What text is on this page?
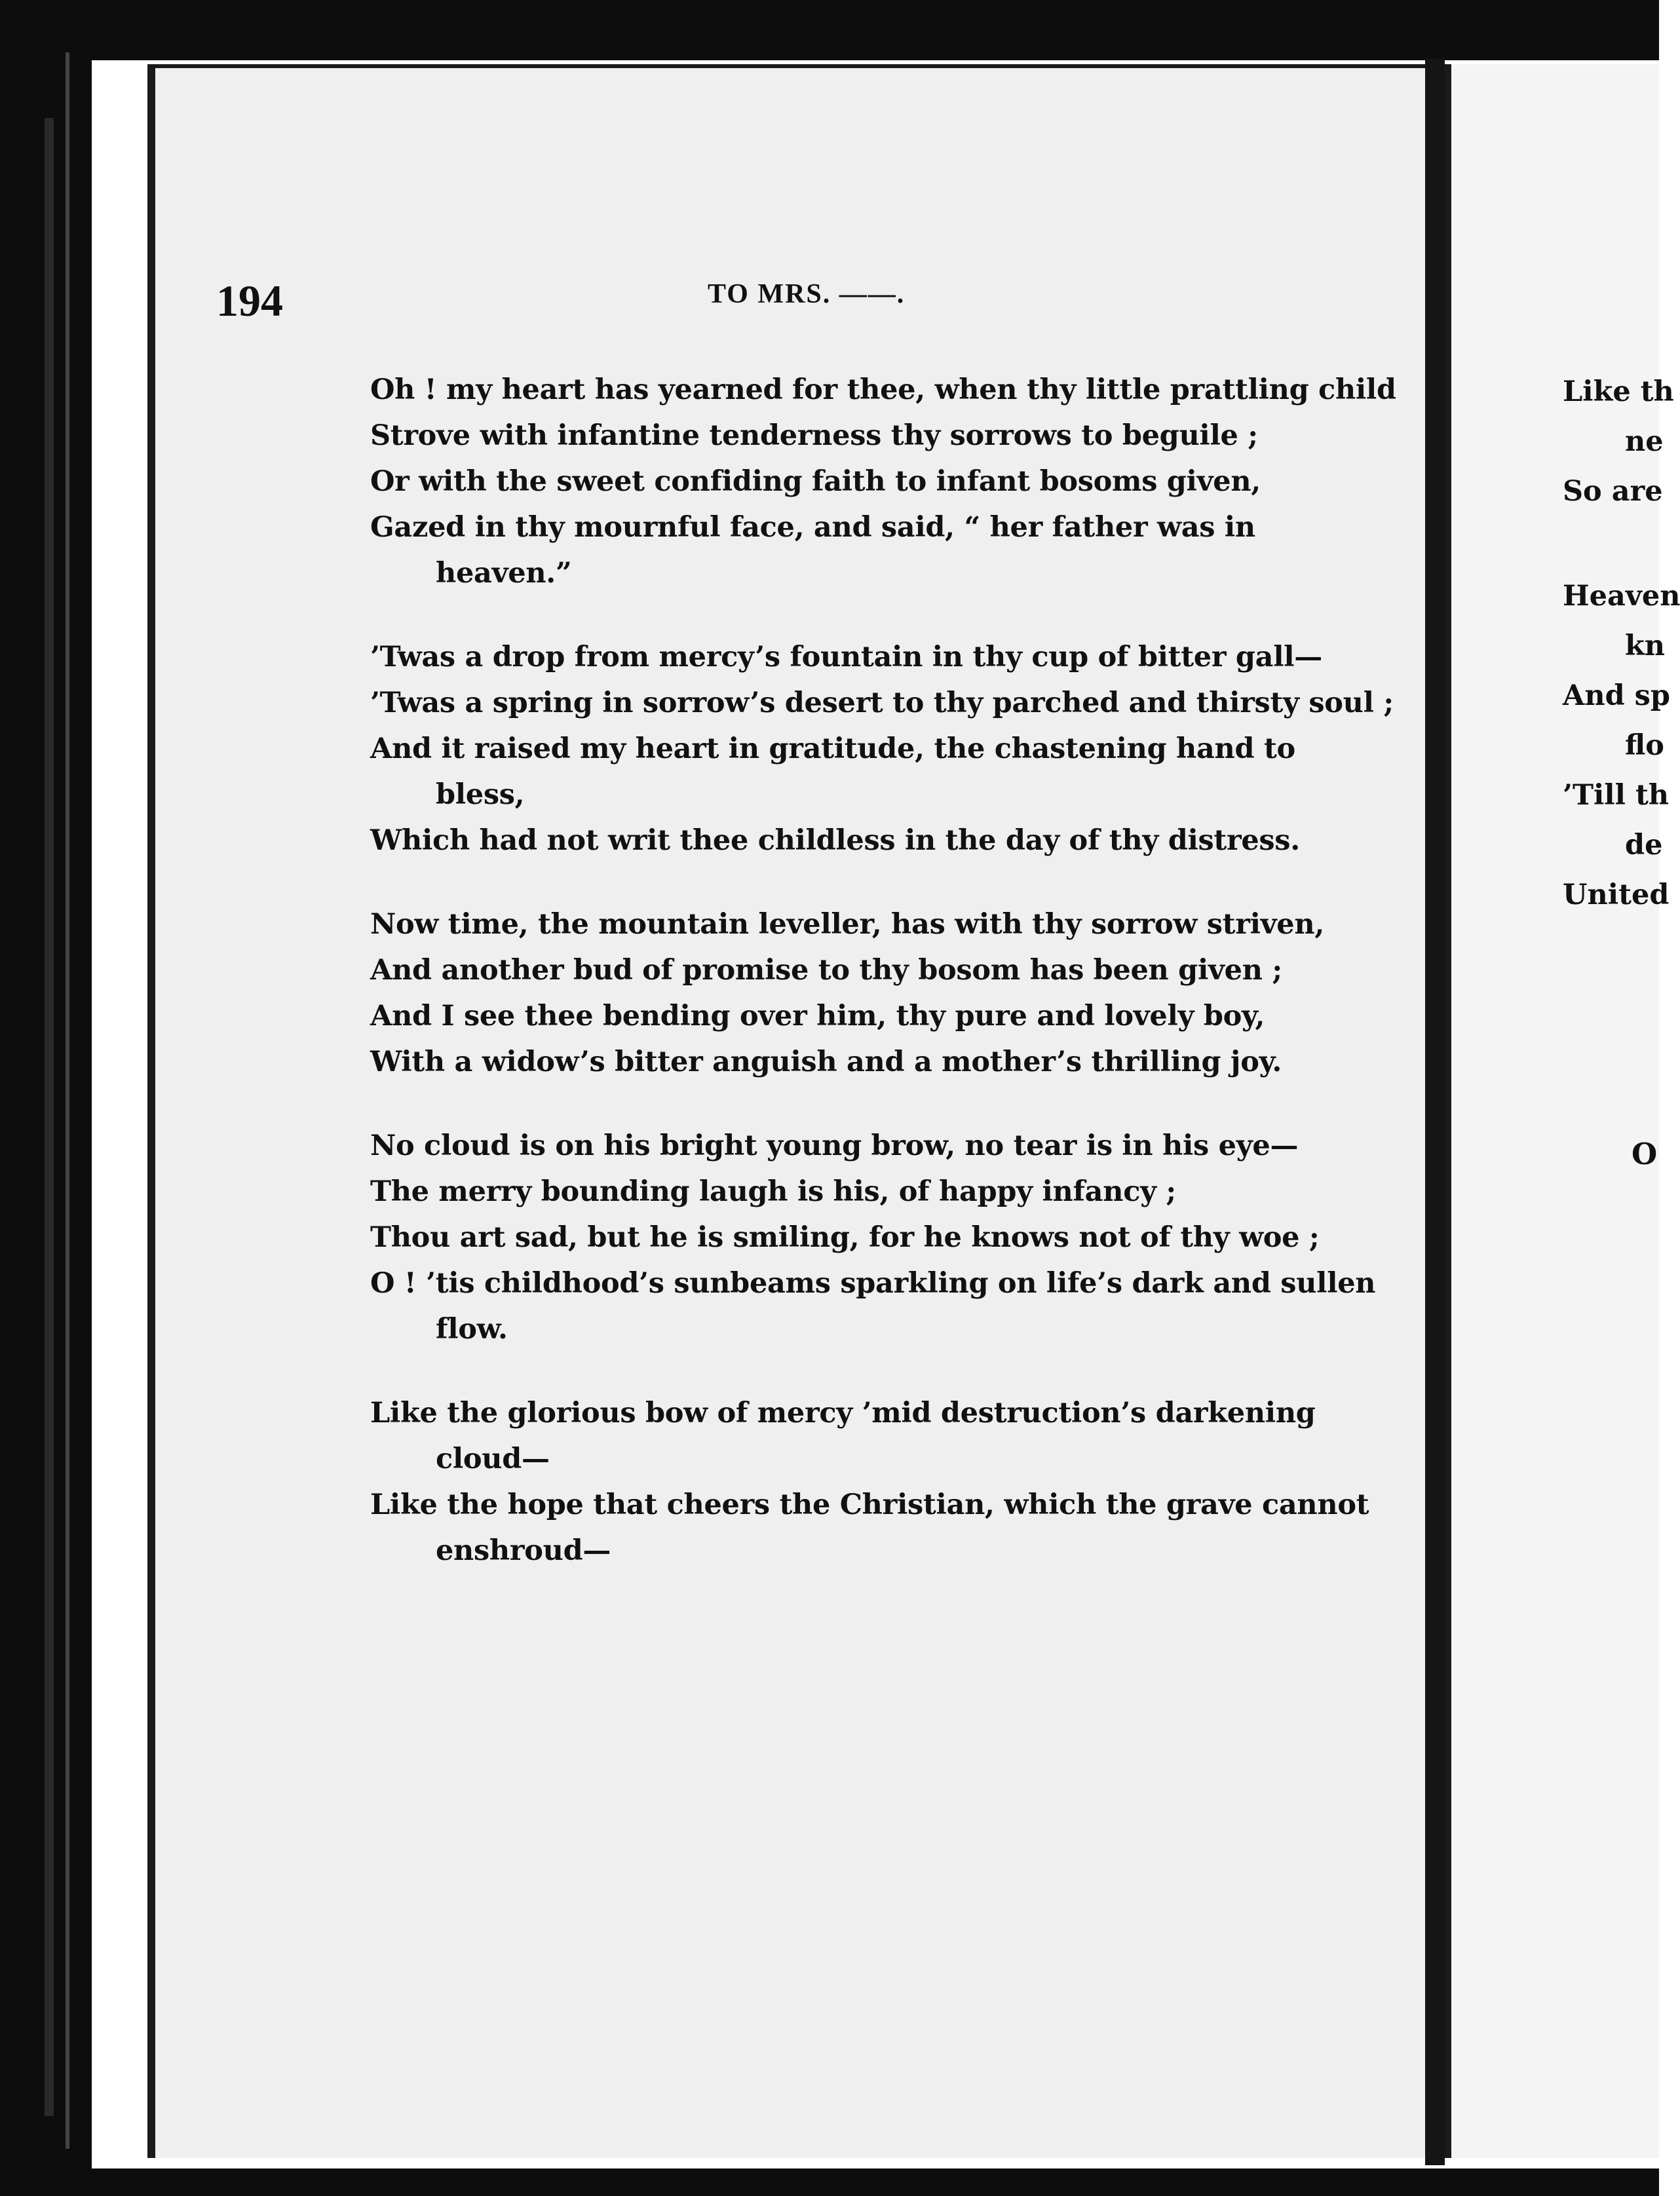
194	TO MRS. ——.
Oh ! my heart has yearned for thee, when thy little prattling child
Strove with infantine tenderness thy sorrows to beguile ;
Or with the sweet confiding faith to infant bosoms given,
Gazed in thy mournful face, and said, “ her father was in
heaven.”
’Twas a drop from mercy’s fountain in thy cup of bitter gall—
’Twas a spring in sorrow’s desert to thy parched and thirsty soul ;
And it raised my heart in gratitude, the chastening hand to
bless,
Which had not writ thee childless in the day of thy distress.
Now time, the mountain leveller, has with thy sorrow striven,
And another bud of promise to thy bosom has been given ;
And I see thee bending over him, thy pure and lovely boy,
With a widow’s bitter anguish and a mother’s thrilling joy.
No cloud is on his bright young brow, no tear is in his eye—
The merry bounding laugh is his, of happy infancy ;
Thou art sad, but he is smiling, for he knows not of thy woe ;
O ! ’tis childhood’s sunbeams sparkling on life’s dark and sullen
flow.
Like the glorious bow of mercy ’mid destruction’s darkening
cloud—
Like the hope that cheers the Christian, which the grave cannot
enshroud—
Like th
ne
So are
Heaven
kn
And sp
flo
’Till th
de
United
O
